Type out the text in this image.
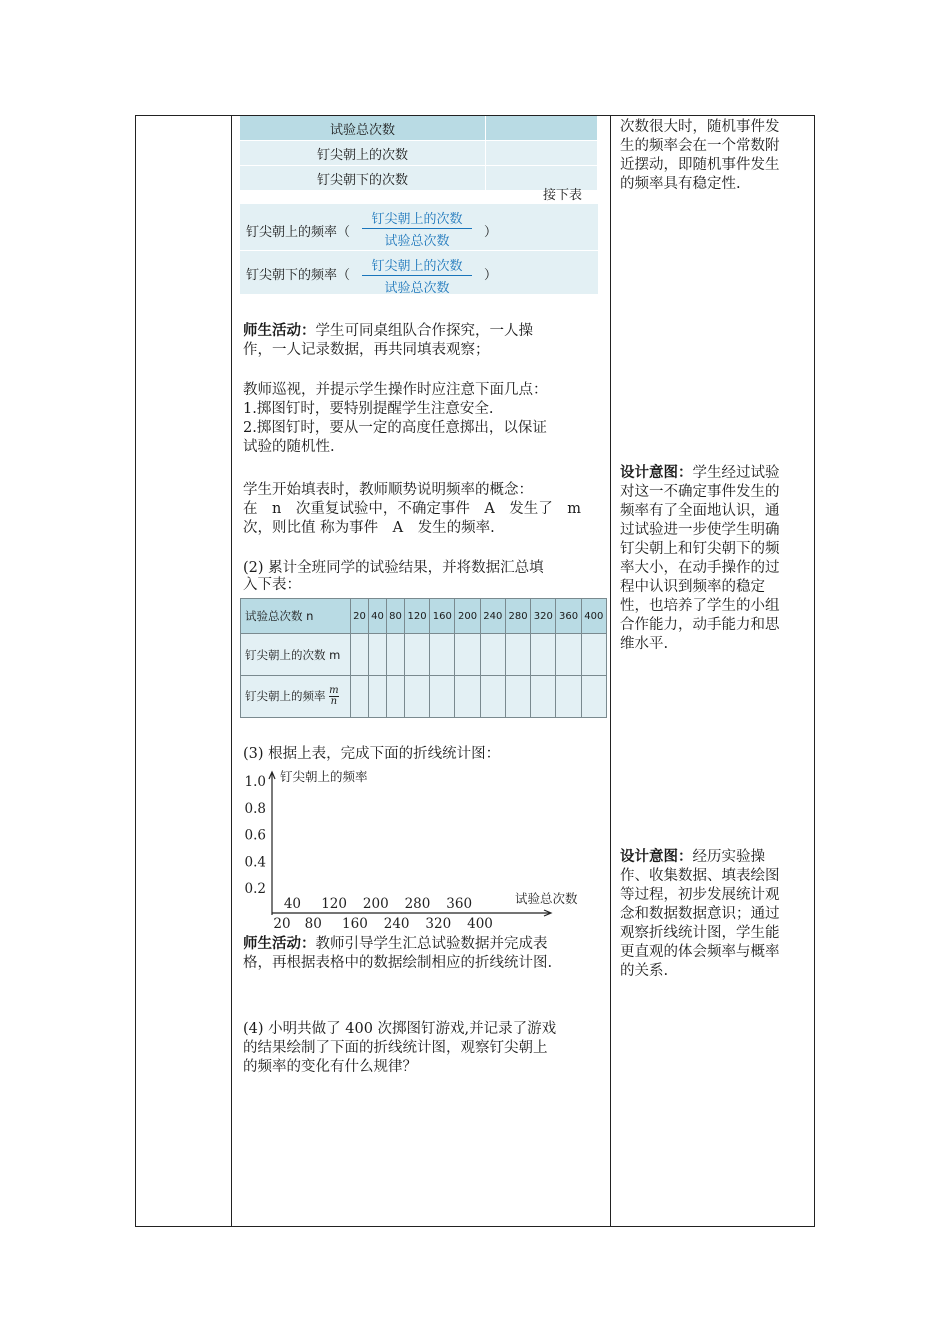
试验总次数	
钉尖朝上的次数	
钉尖朝下的次数	
接下表
钉尖朝上的频率（
钉尖朝上的次数
试验总次数
）
钉尖朝下的频率（
钉尖朝上的次数
试验总次数
）
师生活动：学生可同桌组队合作探究，一人操
作，一人记录数据，再共同填表观察；
教师巡视，并提示学生操作时应注意下面几点：
1.掷图钉时，要特别提醒学生注意安全.
2.掷图钉时，要从一定的高度任意掷出，以保证
试验的随机性.
学生开始填表时，教师顺势说明频率的概念：
在　n　次重复试验中，不确定事件　A　发生了　m
次，则比值 称为事件　A　发生的频率.
(2) 累计全班同学的试验结果，并将数据汇总填
入下表：
试验总次数 n	20	40	80	120	160	200	240	280	320	360	400
钉尖朝上的次数 m											
钉尖朝上的频率 $\frac{m}{n}$

(3) 根据上表，完成下面的折线统计图：
钉尖朝上的频率
试验总次数
1.0
0.8
0.6
0.4
0.2
40 120 200 280 360
20 80 160 240 320 400
师生活动：教师引导学生汇总试验数据并完成表
格，再根据表格中的数据绘制相应的折线统计图.
(4) 小明共做了 400 次掷图钉游戏,并记录了游戏
的结果绘制了下面的折线统计图，观察钉尖朝上
的频率的变化有什么规律？
次数很大时，随机事件发
生的频率会在一个常数附
近摆动，即随机事件发生
的频率具有稳定性.
设计意图：学生经过试验
对这一不确定事件发生的
频率有了全面地认识，通
过试验进一步使学生明确
钉尖朝上和钉尖朝下的频
率大小，在动手操作的过
程中认识到频率的稳定
性，也培养了学生的小组
合作能力，动手能力和思
维水平.
设计意图：经历实验操
作、收集数据、填表绘图
等过程，初步发展统计观
念和数据数据意识；通过
观察折线统计图，学生能
更直观的体会频率与概率
的关系.
